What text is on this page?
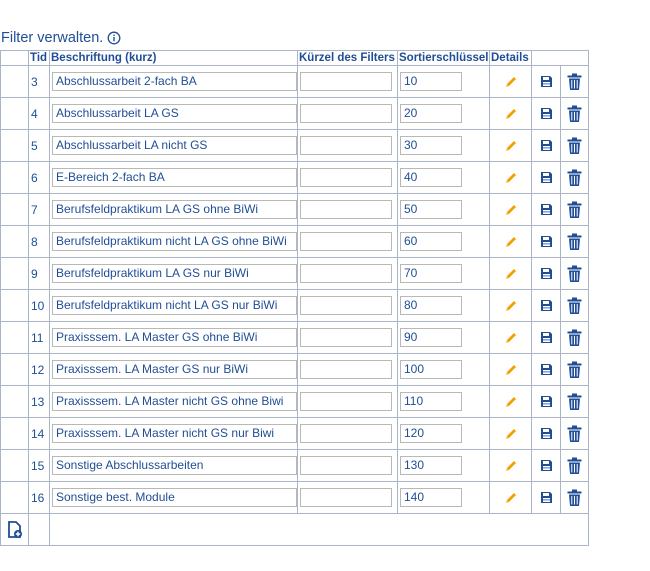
Filter verwalten.
	Tid	Beschriftung (kurz)	Kürzel des Filters	Sortierschlüssel	Details		
	3	Abschlussarbeit 2-fach BA		10

	4	Abschlussarbeit LA GS		20

	5	Abschlussarbeit LA nicht GS		30

	6	E-Bereich 2-fach BA		40

	7	Berufsfeldpraktikum LA GS ohne BiWi		50

	8	Berufsfeldpraktikum nicht LA GS ohne BiWi		60

	9	Berufsfeldpraktikum LA GS nur BiWi		70

	10	Berufsfeldpraktikum nicht LA GS nur BiWi		80

	11	Praxisssem. LA Master GS ohne BiWi		90

	12	Praxisssem. LA Master GS nur BiWi		100

	13	Praxisssem. LA Master nicht GS ohne Biwi		110

	14	Praxisssem. LA Master nicht GS nur Biwi		120

	15	Sonstige Abschlussarbeiten		130

	16	Sonstige best. Module		140
